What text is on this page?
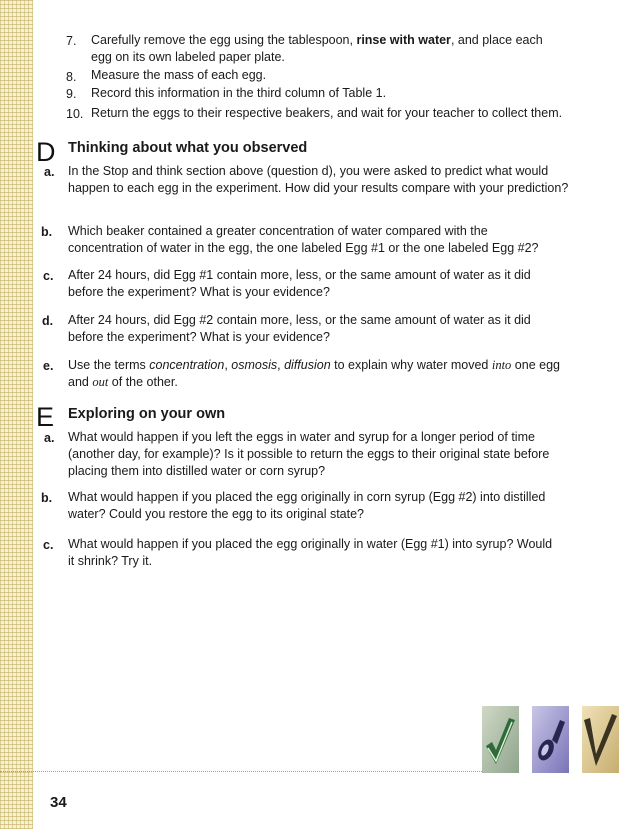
7. Carefully remove the egg using the tablespoon, rinse with water, and place each
egg on its own labeled paper plate.
8. Measure the mass of each egg.
9. Record this information in the third column of Table 1.
10. Return the eggs to their respective beakers, and wait for your teacher to collect them.
D Thinking about what you observed
a. In the Stop and think section above (question d), you were asked to predict what would
happen to each egg in the experiment. How did your results compare with your prediction?
b. Which beaker contained a greater concentration of water compared with the
concentration of water in the egg, the one labeled Egg #1 or the one labeled Egg #2?
c. After 24 hours, did Egg #1 contain more, less, or the same amount of water as it did
before the experiment? What is your evidence?
d. After 24 hours, did Egg #2 contain more, less, or the same amount of water as it did
before the experiment? What is your evidence?
e. Use the terms concentration, osmosis, diffusion to explain why water moved into one egg
and out of the other.
E Exploring on your own
a. What would happen if you left the eggs in water and syrup for a longer period of time
(another day, for example)? Is it possible to return the eggs to their original state before
placing them into distilled water or corn syrup?
b. What would happen if you placed the egg originally in corn syrup (Egg #2) into distilled
water? Could you restore the egg to its original state?
c. What would happen if you placed the egg originally in water (Egg #1) into syrup? Would
it shrink? Try it.
34
